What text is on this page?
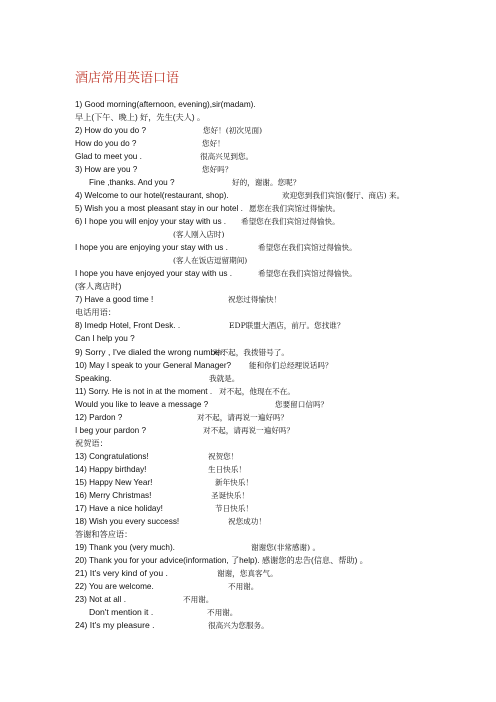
酒店常用英语口语
1) Good morning(afternoon, evening),sir(madam).
早上(下午、晚上) 好，先生(夫人) 。
2) How do you do ?	您好！(初次见面)
How do you do ?	您好！
Glad to meet you .	很高兴见到您。
3) How are you ?	您好吗？
Fine ,thanks. And you ?	好的，谢谢。您呢？
4) Welcome to our hotel(restaurant, shop).	欢迎您到我们宾馆(餐厅、商店) 来。
5) Wish you a most pleasant stay in our hotel . 愿您在我们宾馆过得愉快。
6) I hope you will enjoy your stay with us . 希望您在我们宾馆过得愉快。
(客人刚入店时)
I hope you are enjoying your stay with us .	希望您在我们宾馆过得愉快。
(客人在饭店逗留期间)
I hope you have enjoyed your stay with us .	希望您在我们宾馆过得愉快。
(客人离店时)
7) Have a good time !	祝您过得愉快！
电话用语：
8) Imedp Hotel, Front Desk. .	EDP联盟大酒店，前厅。您找谁？
Can I help you ?
9) Sorry , I've dialed the wrong number.
对不起，我拨错号了。
10) May I speak to your General Manager? 能和你们总经理说话吗？
Speaking.	我就是。
11) Sorry. He is not in at the moment . 对不起，他现在不在。
Would you like to leave a message ?	您要留口信吗？
12) Pardon ?	对不起，请再说一遍好吗？
I beg your pardon ?	对不起，请再说一遍好吗？
祝贺语：
13) Congratulations!	祝贺您！
14) Happy birthday!	生日快乐！
15) Happy New Year!	新年快乐！
16) Merry Christmas!	圣诞快乐！
17) Have a nice holiday!	节日快乐！
18) Wish you every success!	祝您成功！
答谢和答应语：
19) Thank you (very much).	谢谢您(非常感谢) 。
20) Thank you for your advice(information, 了help). 感谢您的忠告(信息、帮助) 。
21) It's very kind of you .	谢谢，您真客气。
22) You are welcome.	不用谢。
23) Not at all .	不用谢。
Don't mention it .	不用谢。
24) It's my pleasure .	很高兴为您服务。
